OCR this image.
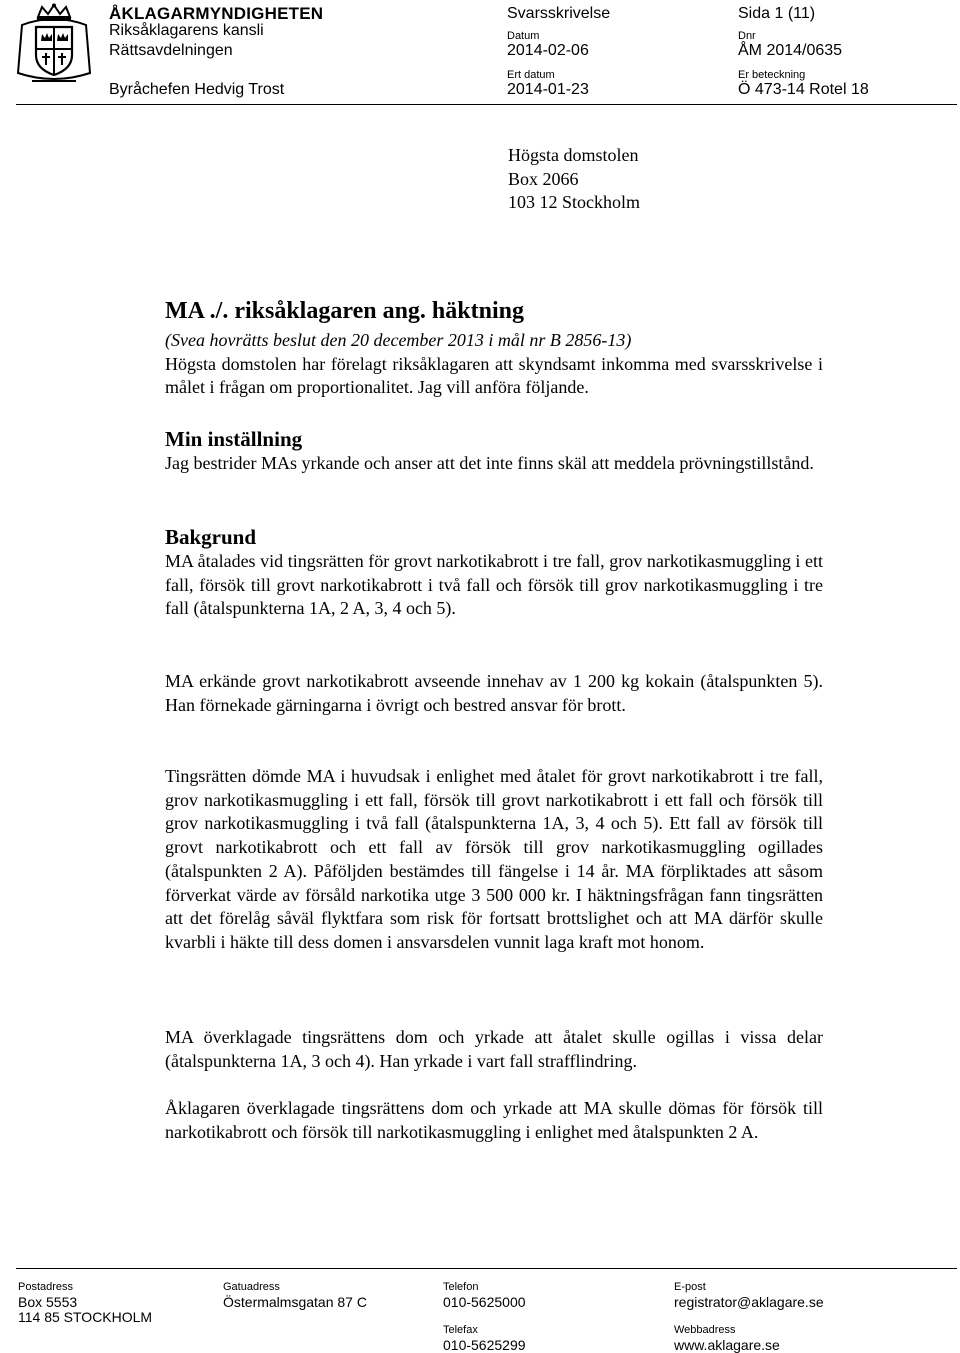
ÅKLAGARMYNDIGHETEN
Riksåklagarens kansli
Rättsavdelningen
Byråchefen Hedvig Trost
Svarsskrivelse
Datum
2014-02-06
Ert datum
2014-01-23
Sida 1 (11)
Dnr
ÅM 2014/0635
Er beteckning
Ö 473-14 Rotel 18
Högsta domstolen
Box 2066
103 12 Stockholm
MA ./. riksåklagaren ang. häktning

(Svea hovrätts beslut den 20 december 2013 i mål nr B 2856-13)

Högsta domstolen har förelagt riksåklagaren att skyndsamt inkomma med svarsskrivelse i målet i frågan om proportionalitet. Jag vill anföra följande.

Min inställning

Jag bestrider MAs yrkande och anser att det inte finns skäl att meddela prövningstillstånd.

Bakgrund

MA åtalades vid tingsrätten för grovt narkotikabrott i tre fall, grov narkotikasmuggling i ett fall, försök till grovt narkotikabrott i två fall och försök till grov narkotikasmuggling i tre fall (åtalspunkterna 1A, 2 A, 3, 4 och 5).

MA erkände grovt narkotikabrott avseende innehav av 1 200 kg kokain (åtalspunkten 5). Han förnekade gärningarna i övrigt och bestred ansvar för brott.

Tingsrätten dömde MA i huvudsak i enlighet med åtalet för grovt narkotikabrott i tre fall, grov narkotikasmuggling i ett fall, försök till grovt narkotikabrott i ett fall och försök till grov narkotikasmuggling i två fall (åtalspunkterna 1A, 3, 4 och 5). Ett fall av försök till grovt narkotikabrott och ett fall av försök till grov narkotikasmuggling ogillades (åtalspunkten 2 A). Påföljden bestämdes till fängelse i 14 år. MA förpliktades att såsom förverkat värde av försåld narkotika utge 3 500 000 kr. I häktningsfrågan fann tingsrätten att det förelåg såväl flyktfara som risk för fortsatt brottslighet och att MA därför skulle kvarbli i häkte till dess domen i ansvarsdelen vunnit laga kraft mot honom.

MA överklagade tingsrättens dom och yrkade att åtalet skulle ogillas i vissa delar (åtalspunkterna 1A, 3 och 4). Han yrkade i vart fall strafflindring.

Åklagaren överklagade tingsrättens dom och yrkade att MA skulle dömas för försök till narkotikabrott och försök till narkotikasmuggling i enlighet med åtalspunkten 2 A.

Postadress
Box 5553
114 85 STOCKHOLM
Gatuadress
Östermalmsgatan 87 C
Telefon
010-5625000
Telefax
010-5625299
E-post
registrator@aklagare.se
Webbadress
www.aklagare.se
